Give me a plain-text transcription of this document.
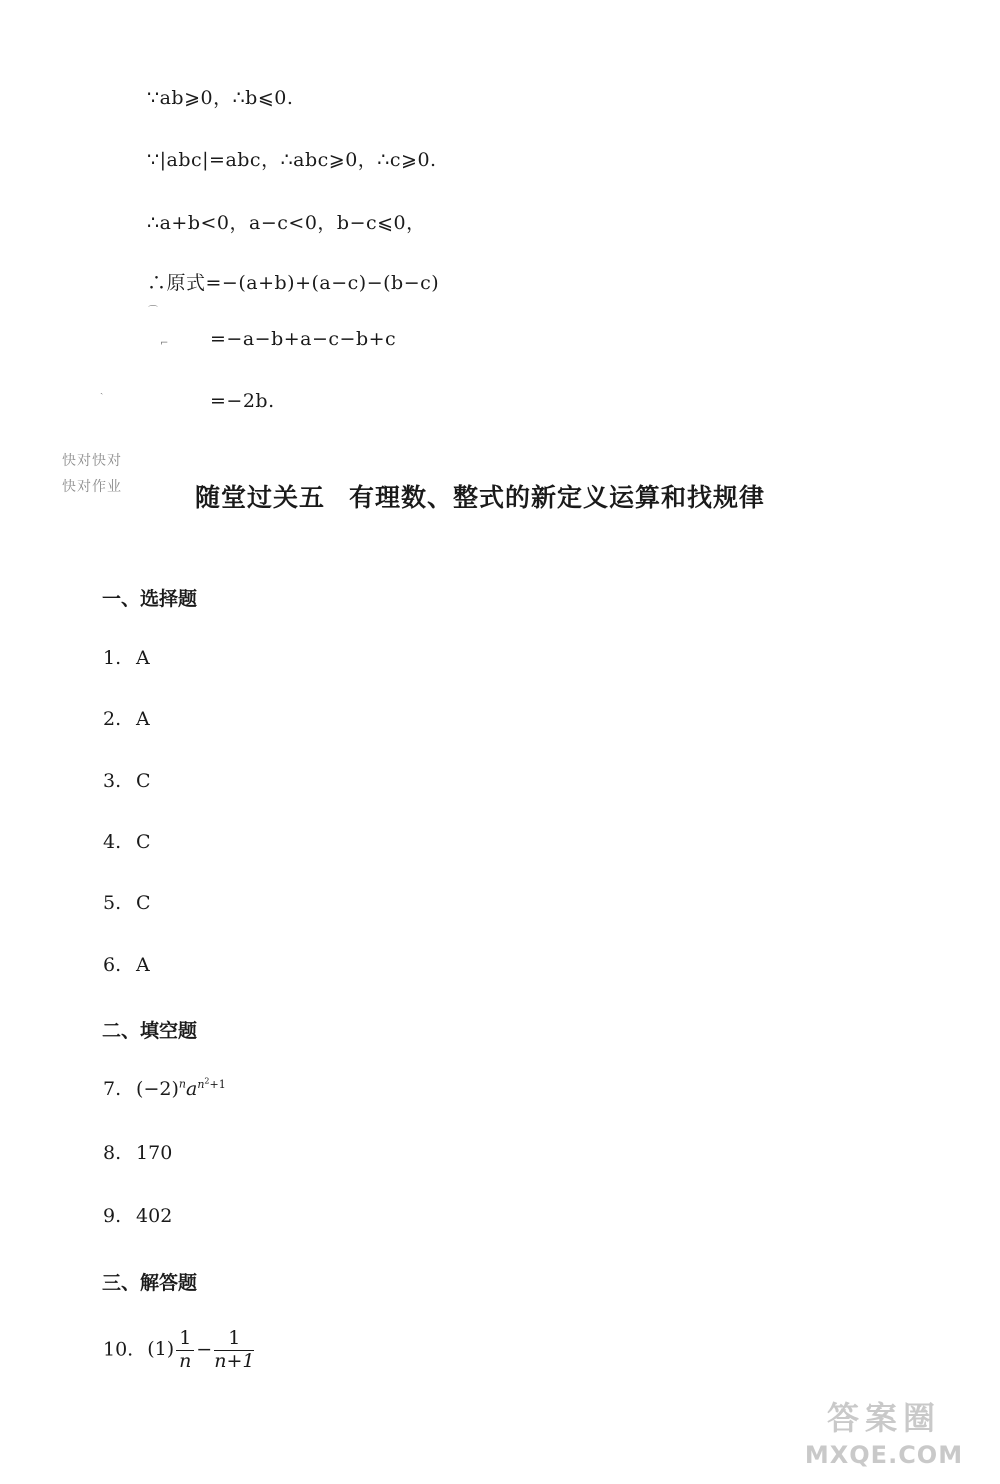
∵ab⩾0，∴b⩽0.
∵|abc|=abc，∴abc⩾0，∴c⩾0.
∴a+b<0，a−c<0，b−c⩽0，
∴原式=−(a+b)+(a−c)−(b−c)
=−a−b+a−c−b+c
=−2b.
⌒
⌐
ˎ
快对快对
快对作业	随堂过关五 有理数、整式的新定义运算和找规律
一、选择题
1. A
2. A
3. C
4. C
5. C
6. A
二、填空题
7. $(-2)^na^{n^2+1}$
8. 170
9. 402
三、解答题
10. $(1) \frac{1}{n} - \frac{1}{n+1}$
答案圈
MXQE.COM
